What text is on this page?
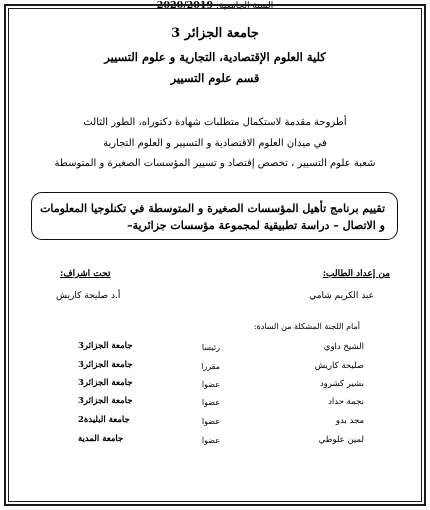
جامعة الجزائر 3
كلية العلوم الإقتصادية، التجارية و علوم التسيير
قسم علوم التسيير
أطروحة مقدمة لاستكمال متطلبات شهادة دكتوراه، الطور الثالث
في ميدان العلوم الاقتصادية و التسيير و العلوم التجارية
شعبة علوم التسيير ، تخصص إقتصاد و تسيير المؤسسات الصغيرة و المتوسطة
تقييم برنامج تأهيل المؤسسات الصغيرة و المتوسطة في تكنلوجيا المعلومات
و الاتصال – دراسة تطبيقية لمجموعة مؤسسات جزائرية–
من إعداد الطالب:
عبد الكريم شامي
تحت اشراف:
أ.د صليحة كاريش
أمام اللجنة المشكلة من السادة:
الشيخ داوي
رئيسا
جامعة الجزائر3
صليحة كاريش
مقررا
جامعة الجزائر3
بشير كشرود
عضوا
جامعة الجزائر3
نجمة حداد
عضوا
جامعة الجزائر3
مجد بدو
عضوا
جامعة البليدة2
لمين علوطي
عضوا
جامعة المدية
السنة الجامعية: 2020/2019
